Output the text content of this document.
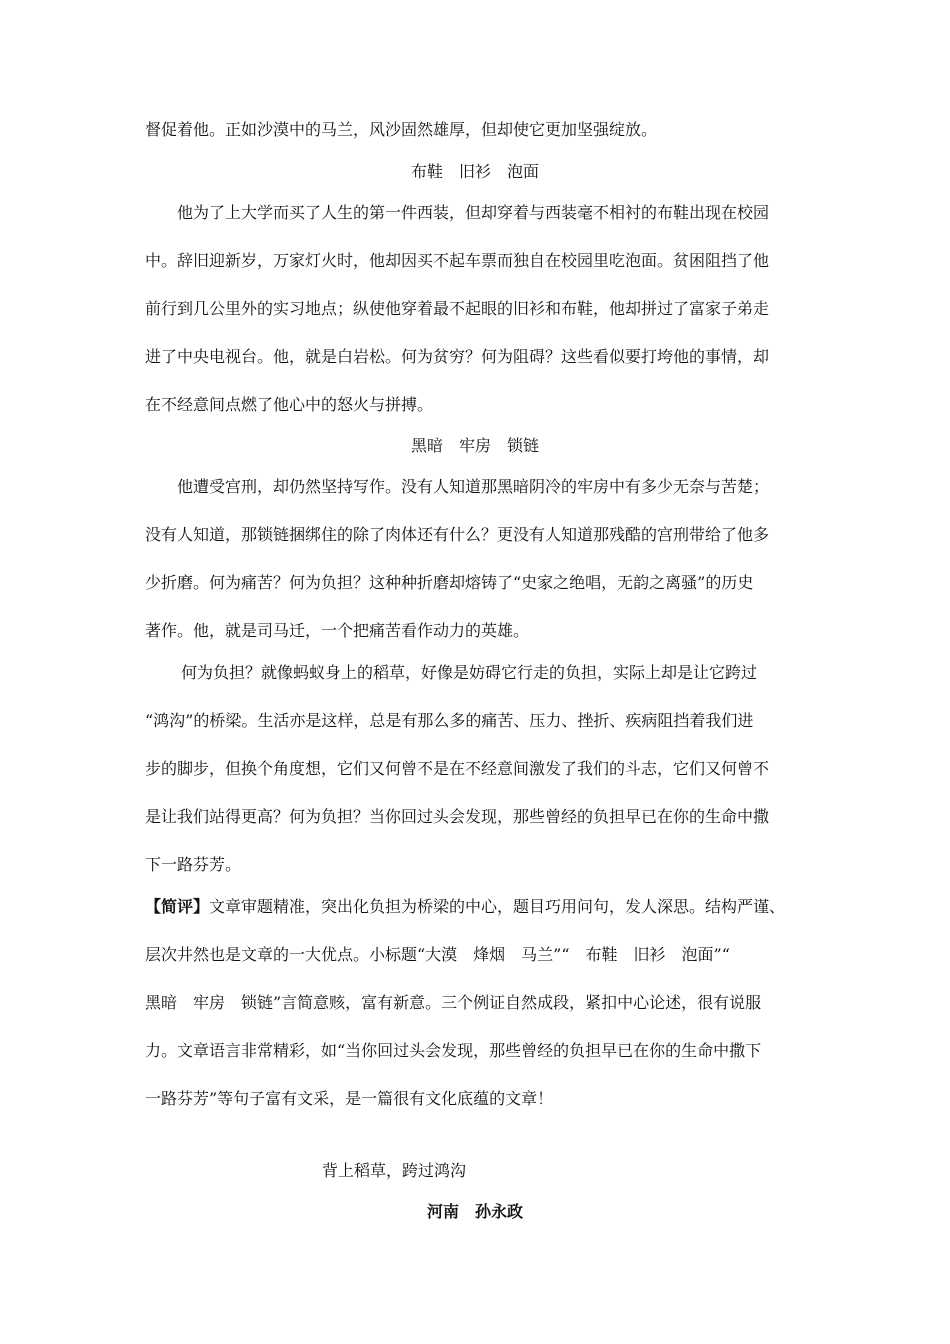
督促着他。正如沙漠中的马兰，风沙固然雄厚，但却使它更加坚强绽放。

布鞋　旧衫　泡面

他为了上大学而买了人生的第一件西装，但却穿着与西装毫不相衬的布鞋出现在校园

中。辞旧迎新岁，万家灯火时，他却因买不起车票而独自在校园里吃泡面。贫困阻挡了他

前行到几公里外的实习地点；纵使他穿着最不起眼的旧衫和布鞋，他却拼过了富家子弟走

进了中央电视台。他，就是白岩松。何为贫穷？何为阻碍？这些看似要打垮他的事情，却

在不经意间点燃了他心中的怒火与拼搏。

黑暗　牢房　锁链

他遭受宫刑，却仍然坚持写作。没有人知道那黑暗阴冷的牢房中有多少无奈与苦楚；

没有人知道，那锁链捆绑住的除了肉体还有什么？更没有人知道那残酷的宫刑带给了他多

少折磨。何为痛苦？何为负担？这种种折磨却熔铸了“史家之绝唱，无韵之离骚”的历史

著作。他，就是司马迁，一个把痛苦看作动力的英雄。

何为负担？就像蚂蚁身上的稻草，好像是妨碍它行走的负担，实际上却是让它跨过

“鸿沟”的桥梁。生活亦是这样，总是有那么多的痛苦、压力、挫折、疾病阻挡着我们进

步的脚步，但换个角度想，它们又何曾不是在不经意间激发了我们的斗志，它们又何曾不

是让我们站得更高？何为负担？当你回过头会发现，那些曾经的负担早已在你的生命中撒

下一路芬芳。

【简评】文章审题精准，突出化负担为桥梁的中心，题目巧用问句，发人深思。结构严谨、

层次井然也是文章的一大优点。小标题“大漠　烽烟　马兰”“　布鞋　旧衫　泡面”“

黑暗　牢房　锁链”言简意赅，富有新意。三个例证自然成段，紧扣中心论述，很有说服

力。文章语言非常精彩，如“当你回过头会发现，那些曾经的负担早已在你的生命中撒下

一路芬芳”等句子富有文采，是一篇很有文化底蕴的文章！

背上稻草，跨过鸿沟

河南　孙永政
